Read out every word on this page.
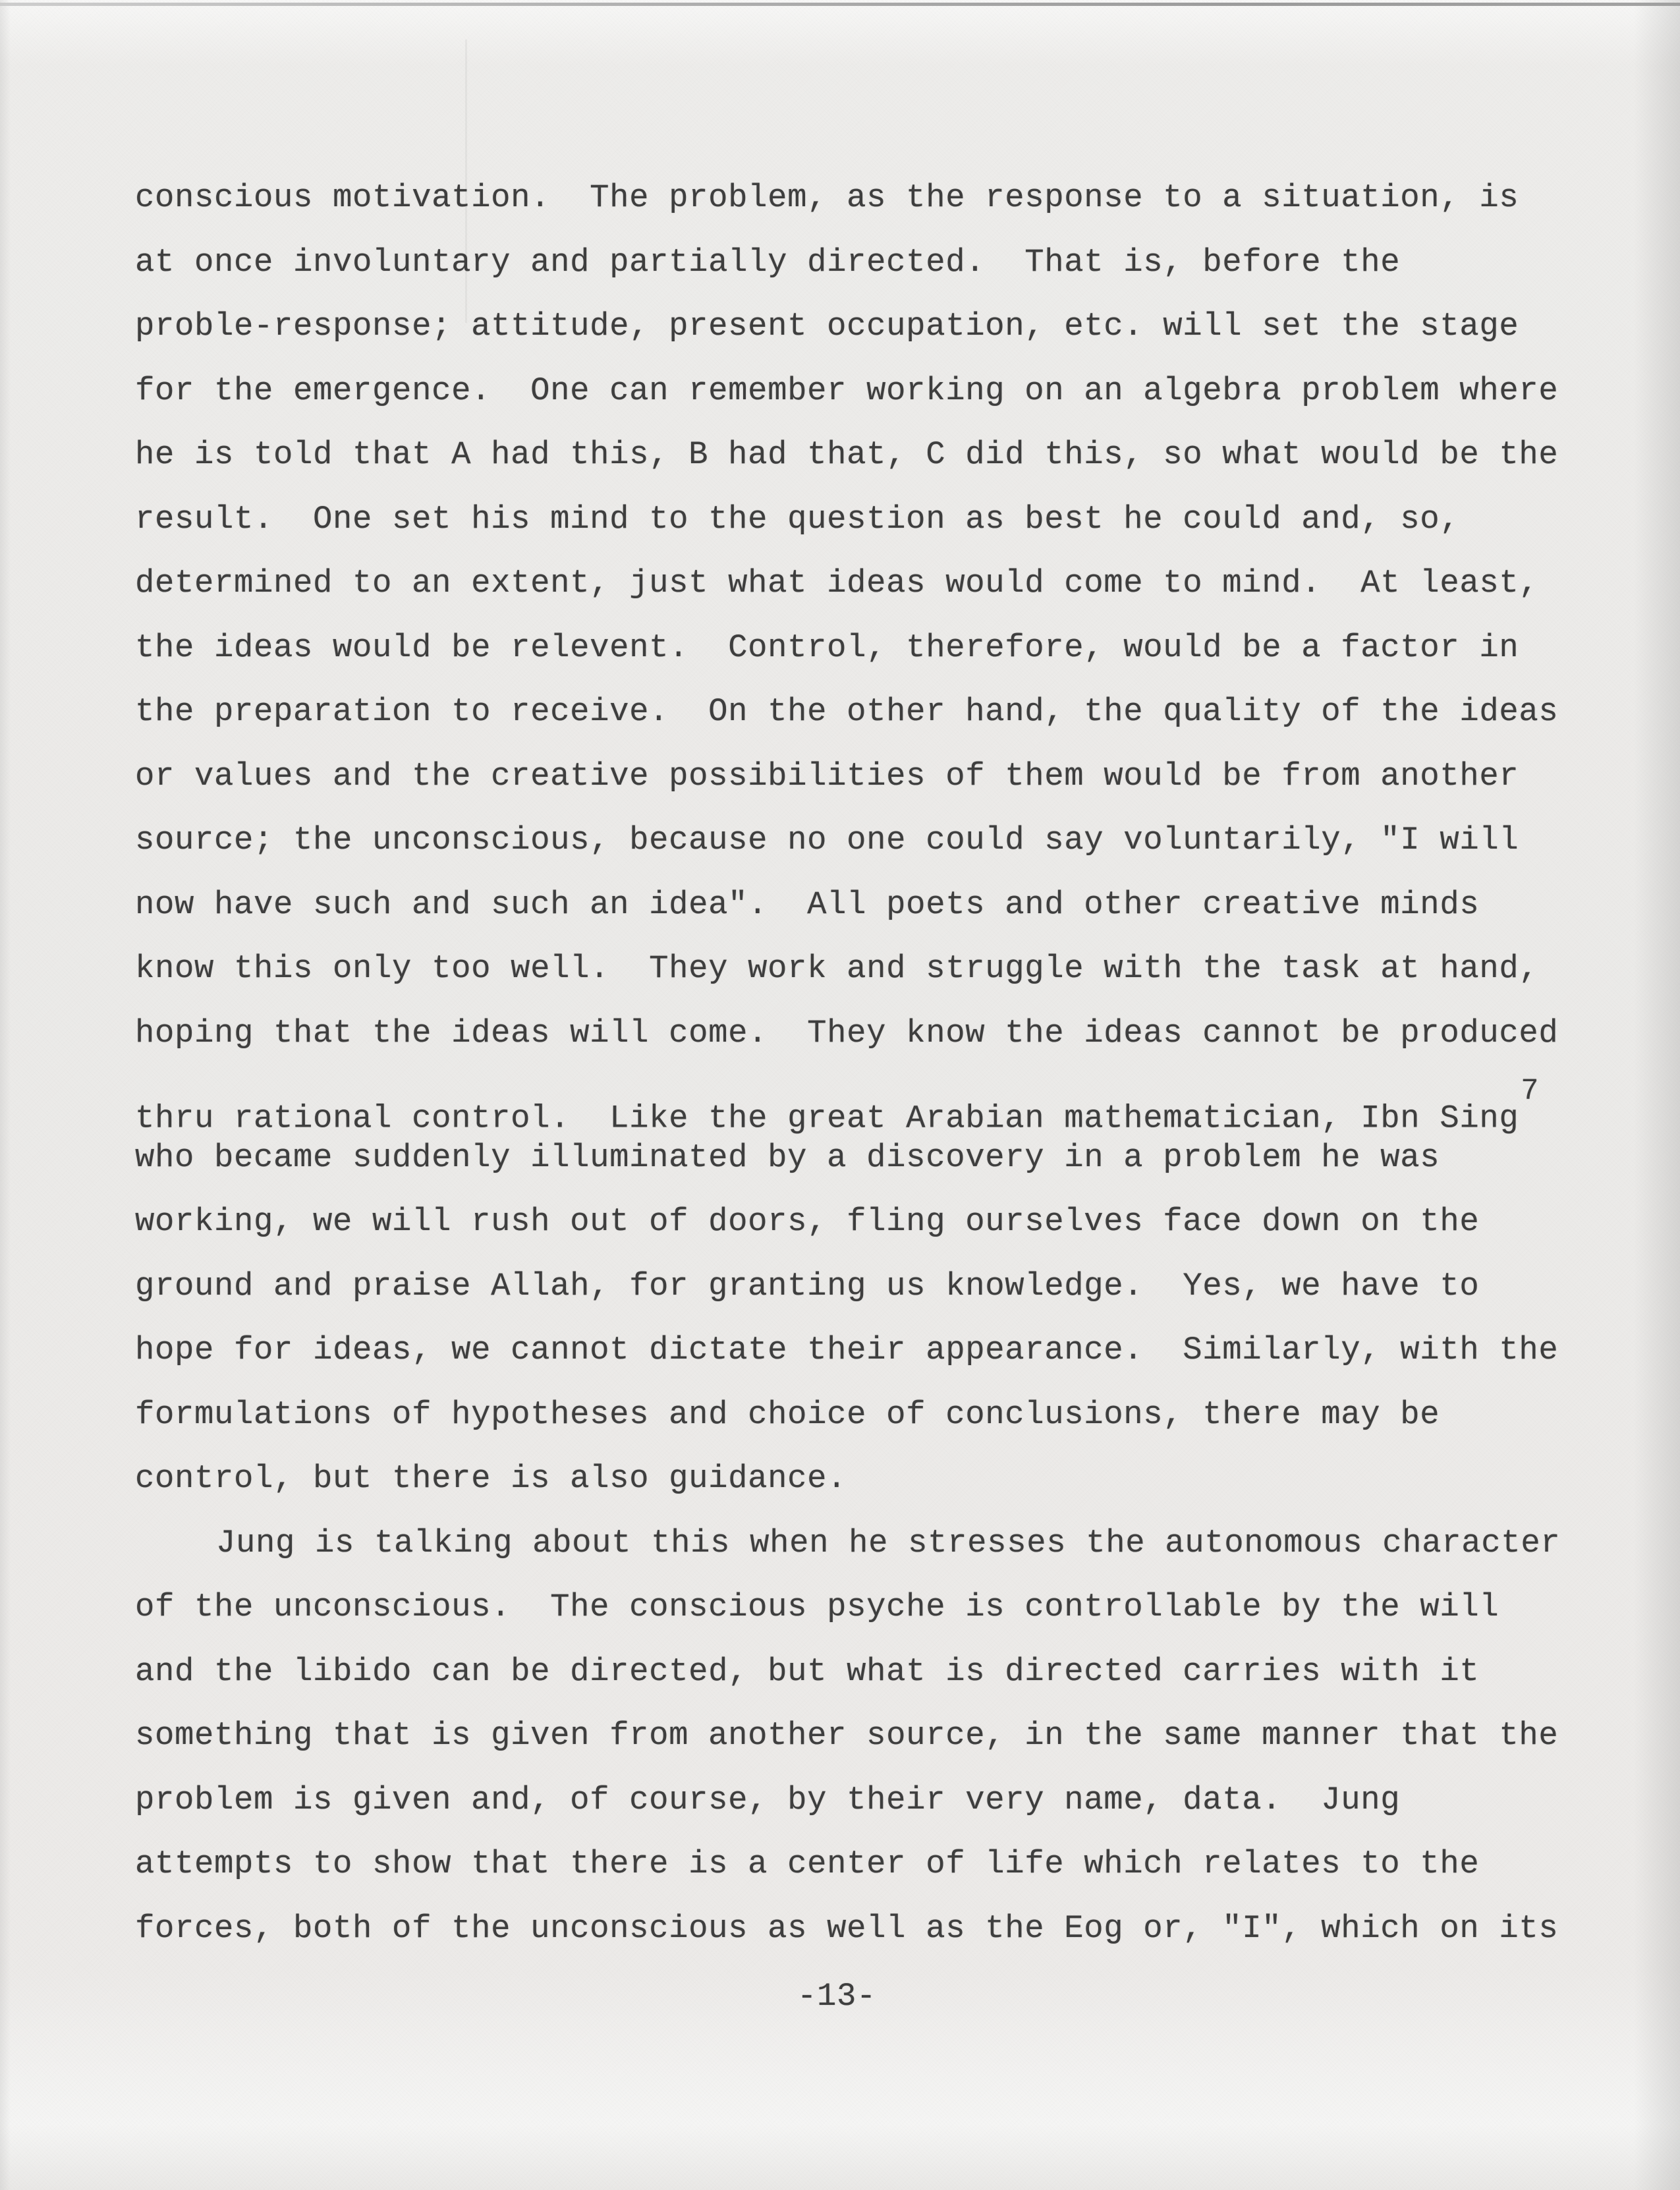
conscious motivation.  The problem, as the response to a situation, is
at once involuntary and partially directed.  That is, before the
proble-response; attitude, present occupation, etc. will set the stage
for the emergence.  One can remember working on an algebra problem where
he is told that A had this, B had that, C did this, so what would be the
result.  One set his mind to the question as best he could and, so,
determined to an extent, just what ideas would come to mind.  At least,
the ideas would be relevent.  Control, therefore, would be a factor in
the preparation to receive.  On the other hand, the quality of the ideas
or values and the creative possibilities of them would be from another
source; the unconscious, because no one could say voluntarily, "I will
now have such and such an idea".  All poets and other creative minds
know this only too well.  They work and struggle with the task at hand,
hoping that the ideas will come.  They know the ideas cannot be produced
thru rational control.  Like the great Arabian mathematician, Ibn Sing$^7$
who became suddenly illuminated by a discovery in a problem he was
working, we will rush out of doors, fling ourselves face down on the
ground and praise Allah, for granting us knowledge.  Yes, we have to
hope for ideas, we cannot dictate their appearance.  Similarly, with the
formulations of hypotheses and choice of conclusions, there may be
control, but there is also guidance.
Jung is talking about this when he stresses the autonomous character
of the unconscious.  The conscious psyche is controllable by the will
and the libido can be directed, but what is directed carries with it
something that is given from another source, in the same manner that the
problem is given and, of course, by their very name, data.  Jung
attempts to show that there is a center of life which relates to the
forces, both of the unconscious as well as the Eog or, "I", which on its
-13-
